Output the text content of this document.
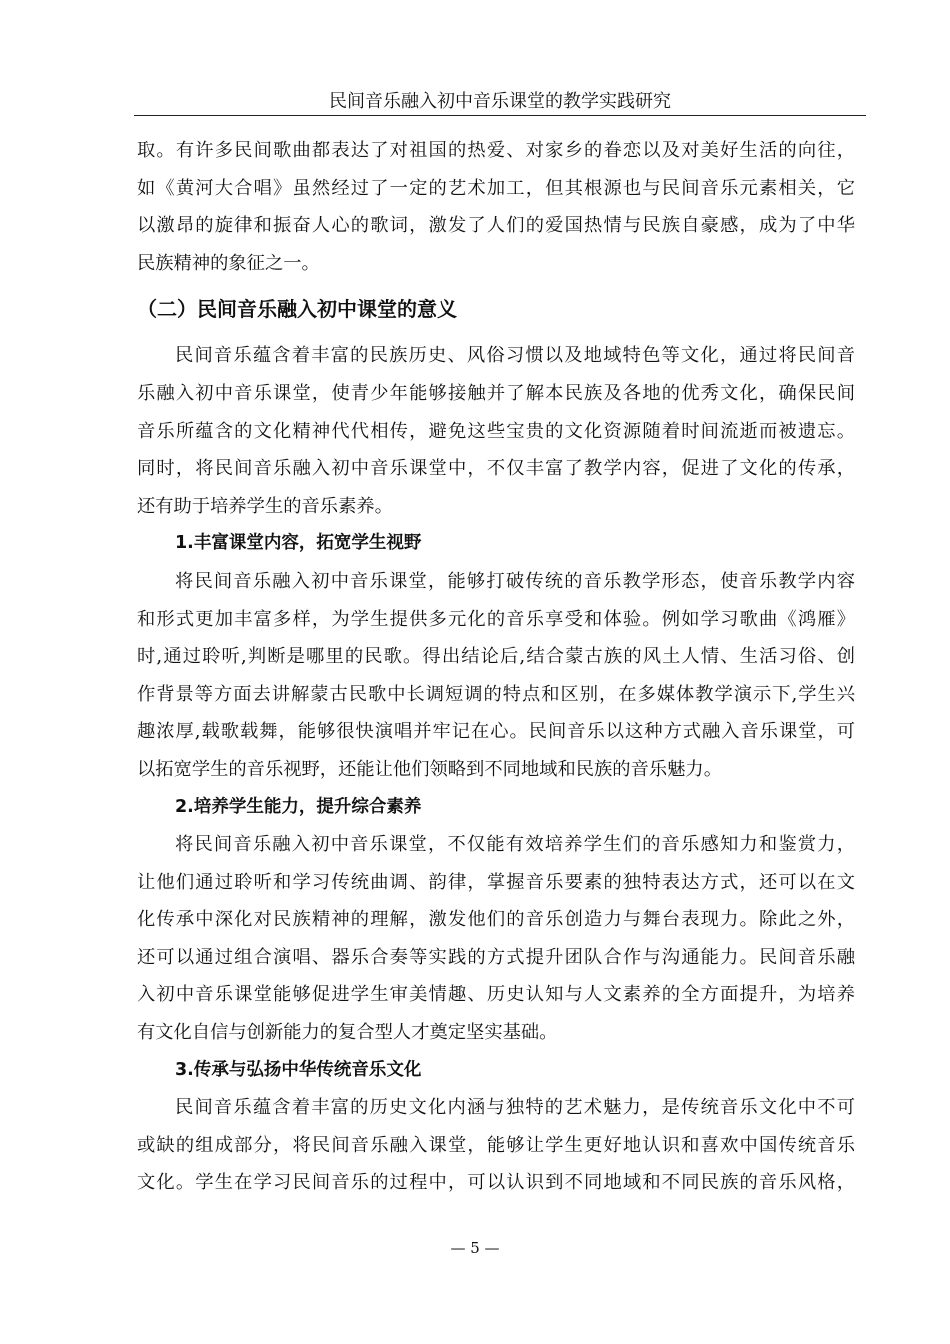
民间音乐融入初中音乐课堂的教学实践研究
取。有许多民间歌曲都表达了对祖国的热爱、对家乡的眷恋以及对美好生活的向往，
如《黄河大合唱》虽然经过了一定的艺术加工，但其根源也与民间音乐元素相关，它
以激昂的旋律和振奋人心的歌词，激发了人们的爱国热情与民族自豪感，成为了中华
民族精神的象征之一。
（二）民间音乐融入初中课堂的意义
民间音乐蕴含着丰富的民族历史、风俗习惯以及地域特色等文化，通过将民间音
乐融入初中音乐课堂，使青少年能够接触并了解本民族及各地的优秀文化，确保民间
音乐所蕴含的文化精神代代相传，避免这些宝贵的文化资源随着时间流逝而被遗忘。
同时，将民间音乐融入初中音乐课堂中，不仅丰富了教学内容，促进了文化的传承，
还有助于培养学生的音乐素养。
1.丰富课堂内容，拓宽学生视野
将民间音乐融入初中音乐课堂，能够打破传统的音乐教学形态，使音乐教学内容
和形式更加丰富多样，为学生提供多元化的音乐享受和体验。例如学习歌曲《鸿雁》
时,通过聆听,判断是哪里的民歌。得出结论后,结合蒙古族的风土人情、生活习俗、创
作背景等方面去讲解蒙古民歌中长调短调的特点和区别，在多媒体教学演示下,学生兴
趣浓厚,载歌载舞，能够很快演唱并牢记在心。民间音乐以这种方式融入音乐课堂，可
以拓宽学生的音乐视野，还能让他们领略到不同地域和民族的音乐魅力。
2.培养学生能力，提升综合素养
将民间音乐融入初中音乐课堂，不仅能有效培养学生们的音乐感知力和鉴赏力，
让他们通过聆听和学习传统曲调、韵律，掌握音乐要素的独特表达方式，还可以在文
化传承中深化对民族精神的理解，激发他们的音乐创造力与舞台表现力。除此之外，
还可以通过组合演唱、器乐合奏等实践的方式提升团队合作与沟通能力。民间音乐融
入初中音乐课堂能够促进学生审美情趣、历史认知与人文素养的全方面提升，为培养
有文化自信与创新能力的复合型人才奠定坚实基础。
3.传承与弘扬中华传统音乐文化
民间音乐蕴含着丰富的历史文化内涵与独特的艺术魅力，是传统音乐文化中不可
或缺的组成部分，将民间音乐融入课堂，能够让学生更好地认识和喜欢中国传统音乐
文化。学生在学习民间音乐的过程中，可以认识到不同地域和不同民族的音乐风格，
— 5 —
